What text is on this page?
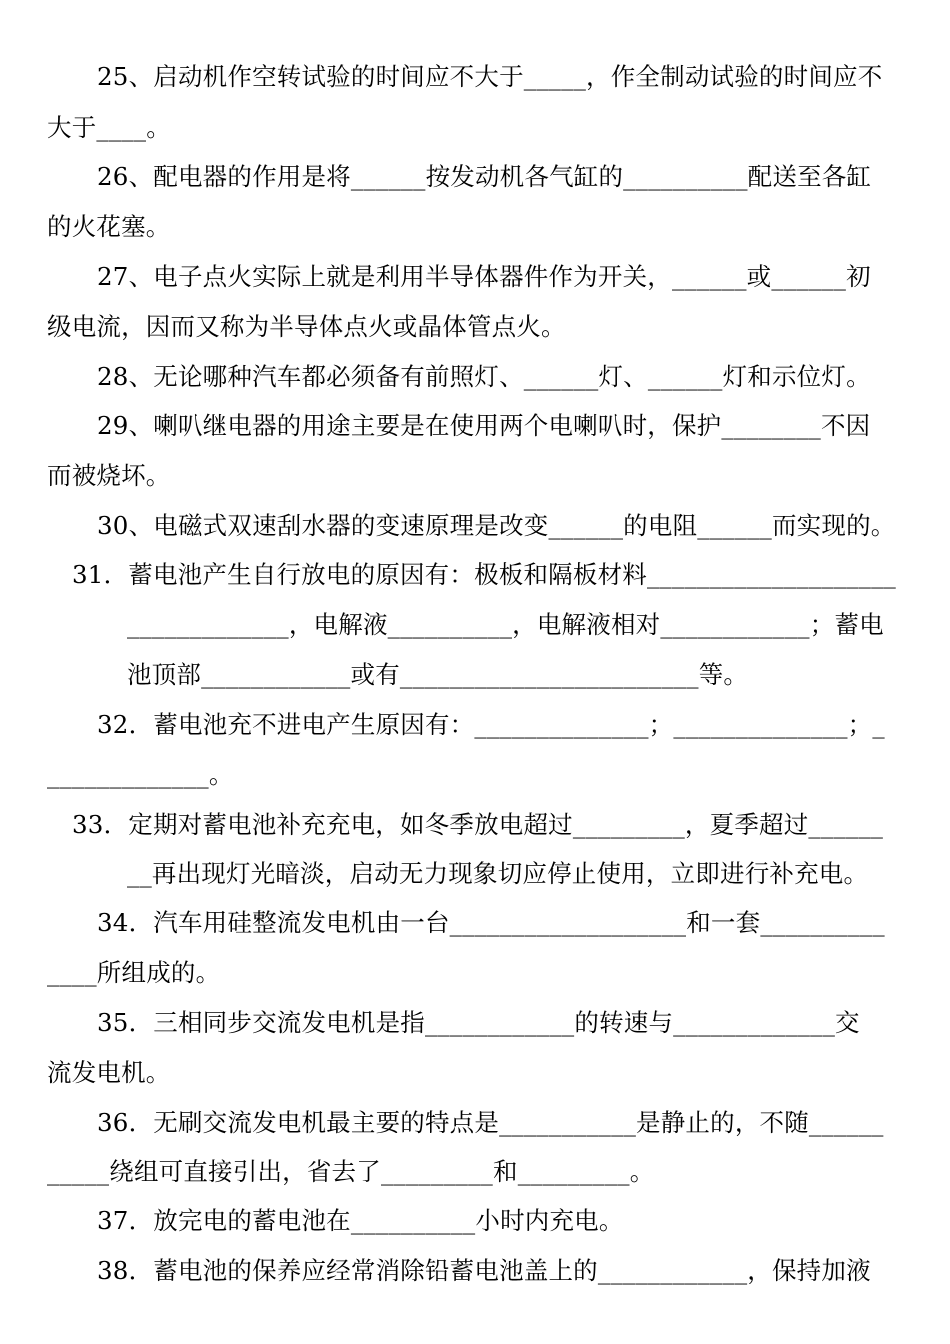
25、启动机作空转试验的时间应不大于_____，作全制动试验的时间应不
大于____。
26、配电器的作用是将______按发动机各气缸的__________配送至各缸
的火花塞。
27、电子点火实际上就是利用半导体器件作为开关，______或______初
级电流，因而又称为半导体点火或晶体管点火。
28、无论哪种汽车都必须备有前照灯、______灯、______灯和示位灯。
29、喇叭继电器的用途主要是在使用两个电喇叭时，保护________不因
而被烧坏。
30、电磁式双速刮水器的变速原理是改变______的电阻______而实现的。
31．蓄电池产生自行放电的原因有：极板和隔板材料____________________
_____________，电解液__________，电解液相对____________；蓄电
池顶部____________或有________________________等。
32．蓄电池充不进电产生原因有：______________；______________；_
_____________。
33．定期对蓄电池补充充电，如冬季放电超过_________，夏季超过______
__再出现灯光暗淡，启动无力现象切应停止使用，立即进行补充电。
34．汽车用硅整流发电机由一台___________________和一套__________
____所组成的。
35．三相同步交流发电机是指____________的转速与_____________交
流发电机。
36．无刷交流发电机最主要的特点是___________是静止的，不随______
_____绕组可直接引出，省去了_________和_________。
37．放完电的蓄电池在__________小时内充电。
38．蓄电池的保养应经常消除铅蓄电池盖上的____________，保持加液
